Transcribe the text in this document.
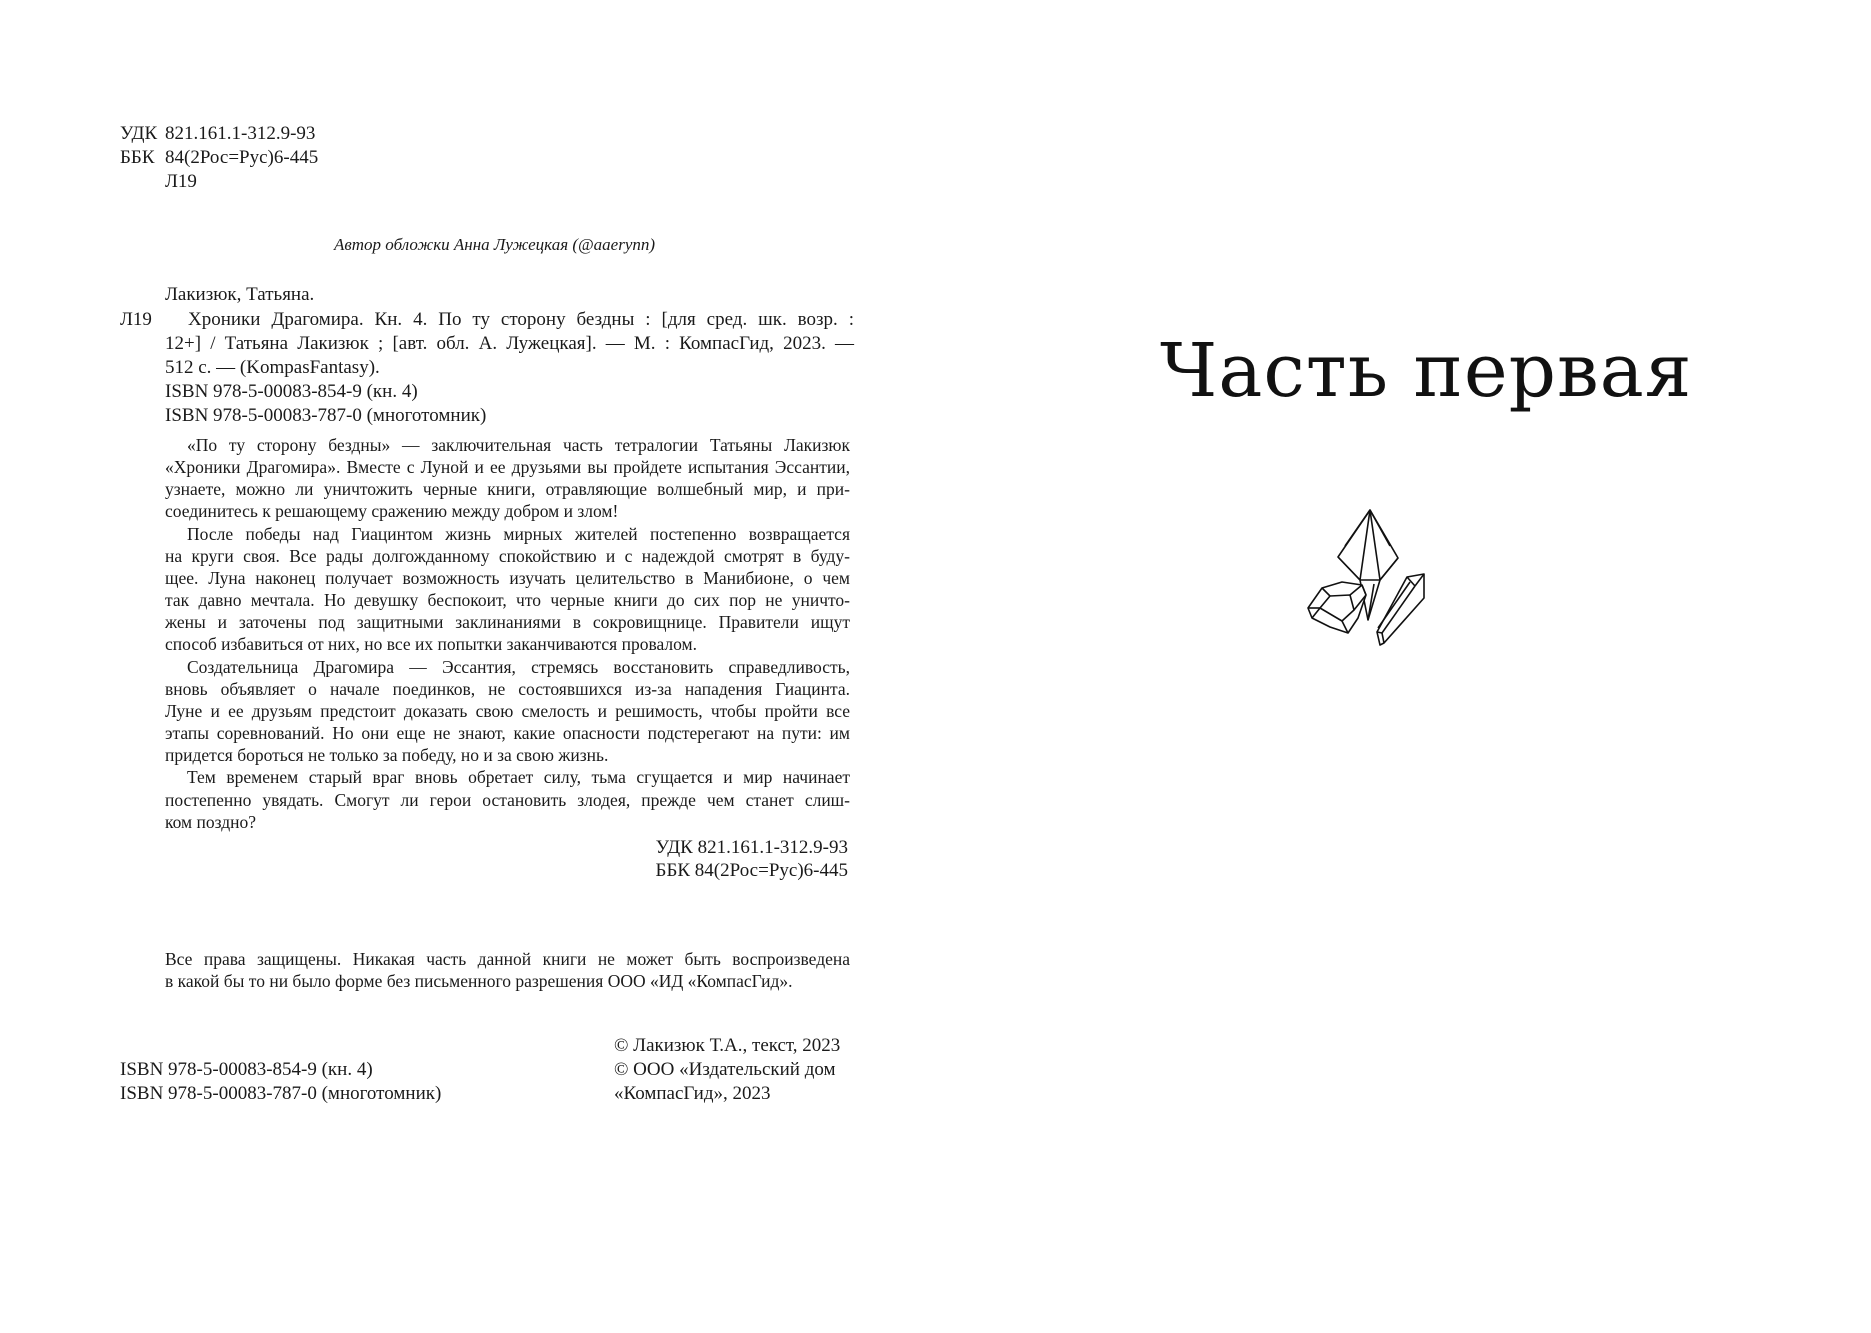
УДК 821.161.1-312.9-93
ББК 84(2Рос=Рус)6-445
Л19
Автор обложки Анна Лужецкая (@aaerynn)
Лакизюк, Татьяна.
Л19 Хроники Драгомира. Кн. 4. По ту сторону бездны : [для сред. шк. возр. :
12+] / Татьяна Лакизюк ; [авт. обл. А. Лужецкая]. — М. : КомпасГид, 2023. —
512 с. — (KompasFantasy).
ISBN 978-5-00083-854-9 (кн. 4)
ISBN 978-5-00083-787-0 (многотомник)
«По ту сторону бездны» — заключительная часть тетралогии Татьяны Лакизюк
«Хроники Драгомира». Вместе с Луной и ее друзьями вы пройдете испытания Эссантии,
узнаете, можно ли уничтожить черные книги, отравляющие волшебный мир, и при-
соединитесь к решающему сражению между добром и злом!
После победы над Гиацинтом жизнь мирных жителей постепенно возвращается
на круги своя. Все рады долгожданному спокойствию и с надеждой смотрят в буду-
щее. Луна наконец получает возможность изучать целительство в Манибионе, о чем
так давно мечтала. Но девушку беспокоит, что черные книги до сих пор не уничто-
жены и заточены под защитными заклинаниями в сокровищнице. Правители ищут
способ избавиться от них, но все их попытки заканчиваются провалом.
Создательница Драгомира — Эссантия, стремясь восстановить справедливость,
вновь объявляет о начале поединков, не состоявшихся из-за нападения Гиацинта.
Луне и ее друзьям предстоит доказать свою смелость и решимость, чтобы пройти все
этапы соревнований. Но они еще не знают, какие опасности подстерегают на пути: им
придется бороться не только за победу, но и за свою жизнь.
Тем временем старый враг вновь обретает силу, тьма сгущается и мир начинает
постепенно увядать. Смогут ли герои остановить злодея, прежде чем станет слиш-
ком поздно?
УДК 821.161.1-312.9-93
ББК 84(2Рос=Рус)6-445
Все права защищены. Никакая часть данной книги не может быть воспроизведена
в какой бы то ни было форме без письменного разрешения ООО «ИД «КомпасГид».
© Лакизюк Т.А., текст, 2023
© ООО «Издательский дом
«КомпасГид», 2023
ISBN 978-5-00083-854-9 (кн. 4)
ISBN 978-5-00083-787-0 (многотомник)
Часть первая
